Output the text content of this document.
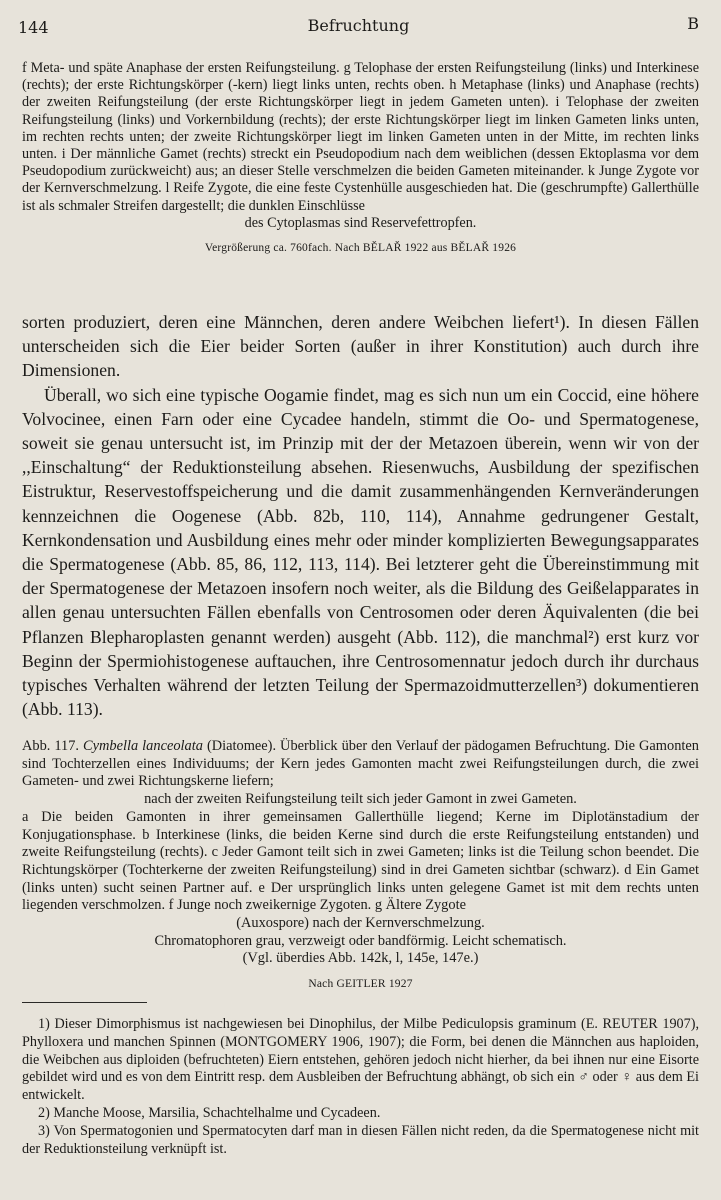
144	Befruchtung	B
f Meta- und späte Anaphase der ersten Reifungsteilung. g Telophase der ersten Reifungsteilung (links) und Interkinese (rechts); der erste Richtungskörper (-kern) liegt links unten, rechts oben. h Metaphase (links) und Anaphase (rechts) der zweiten Reifungsteilung (der erste Richtungskörper liegt in jedem Gameten unten). i Telophase der zweiten Reifungsteilung (links) und Vorkernbildung (rechts); der erste Richtungskörper liegt im linken Gameten links unten, im rechten rechts unten; der zweite Richtungskörper liegt im linken Gameten unten in der Mitte, im rechten links unten. i Der männliche Gamet (rechts) streckt ein Pseudopodium nach dem weiblichen (dessen Ektoplasma vor dem Pseudopodium zurückweicht) aus; an dieser Stelle verschmelzen die beiden Gameten miteinander. k Junge Zygote vor der Kernverschmelzung. l Reife Zygote, die eine feste Cystenhülle ausgeschieden hat. Die (geschrumpfte) Gallerthülle ist als schmaler Streifen dargestellt; die dunklen Einschlüsse
des Cytoplasmas sind Reservefettropfen.
Vergrößerung ca. 760fach. Nach BĚLAŘ 1922 aus BĚLAŘ 1926

sorten produziert, deren eine Männchen, deren andere Weibchen liefert¹). In diesen Fällen unterscheiden sich die Eier beider Sorten (außer in ihrer Konstitution) auch durch ihre Dimensionen.

Überall, wo sich eine typische Oogamie findet, mag es sich nun um ein Coccid, eine höhere Volvocinee, einen Farn oder eine Cycadee handeln, stimmt die Oo- und Spermatogenese, soweit sie genau untersucht ist, im Prinzip mit der der Metazoen überein, wenn wir von der ,,Einschaltung“ der Reduktionsteilung absehen. Riesenwuchs, Ausbildung der spezifischen Eistruktur, Reservestoffspeicherung und die damit zusammenhängenden Kernveränderungen kennzeichnen die Oogenese (Abb. 82b, 110, 114), Annahme gedrungener Gestalt, Kernkondensation und Ausbildung eines mehr oder minder komplizierten Bewegungsapparates die Spermatogenese (Abb. 85, 86, 112, 113, 114). Bei letzterer geht die Übereinstimmung mit der Spermatogenese der Metazoen insofern noch weiter, als die Bildung des Geißelapparates in allen genau untersuchten Fällen ebenfalls von Centrosomen oder deren Äquivalenten (die bei Pflanzen Blepharoplasten genannt werden) ausgeht (Abb. 112), die manchmal²) erst kurz vor Beginn der Spermiohistogenese auftauchen, ihre Centrosomennatur jedoch durch ihr durchaus typisches Verhalten während der letzten Teilung der Spermazoidmutterzellen³) dokumentieren (Abb. 113).

Abb. 117. Cymbella lanceolata (Diatomee). Überblick über den Verlauf der pädogamen Befruchtung. Die Gamonten sind Tochterzellen eines Individuums; der Kern jedes Gamonten macht zwei Reifungsteilungen durch, die zwei Gameten- und zwei Richtungskerne liefern;

nach der zweiten Reifungsteilung teilt sich jeder Gamont in zwei Gameten.

a Die beiden Gamonten in ihrer gemeinsamen Gallerthülle liegend; Kerne im Diplotänstadium der Konjugationsphase. b Interkinese (links, die beiden Kerne sind durch die erste Reifungsteilung entstanden) und zweite Reifungsteilung (rechts). c Jeder Gamont teilt sich in zwei Gameten; links ist die Teilung schon beendet. Die Richtungskörper (Tochterkerne der zweiten Reifungsteilung) sind in drei Gameten sichtbar (schwarz). d Ein Gamet (links unten) sucht seinen Partner auf. e Der ursprünglich links unten gelegene Gamet ist mit dem rechts unten liegenden verschmolzen. f Junge noch zweikernige Zygoten. g Ältere Zygote

(Auxospore) nach der Kernverschmelzung.

Chromatophoren grau, verzweigt oder bandförmig. Leicht schematisch.

(Vgl. überdies Abb. 142k, l, 145e, 147e.)

Nach GEITLER 1927

1) Dieser Dimorphismus ist nachgewiesen bei Dinophilus, der Milbe Pediculopsis graminum (E. REUTER 1907), Phylloxera und manchen Spinnen (MONTGOMERY 1906, 1907); die Form, bei denen die Männchen aus haploiden, die Weibchen aus diploiden (befruchteten) Eiern entstehen, gehören jedoch nicht hierher, da bei ihnen nur eine Eisorte gebildet wird und es von dem Eintritt resp. dem Ausbleiben der Befruchtung abhängt, ob sich ein ♂ oder ♀ aus dem Ei entwickelt.

2) Manche Moose, Marsilia, Schachtelhalme und Cycadeen.

3) Von Spermatogonien und Spermatocyten darf man in diesen Fällen nicht reden, da die Spermatogenese nicht mit der Reduktionsteilung verknüpft ist.
